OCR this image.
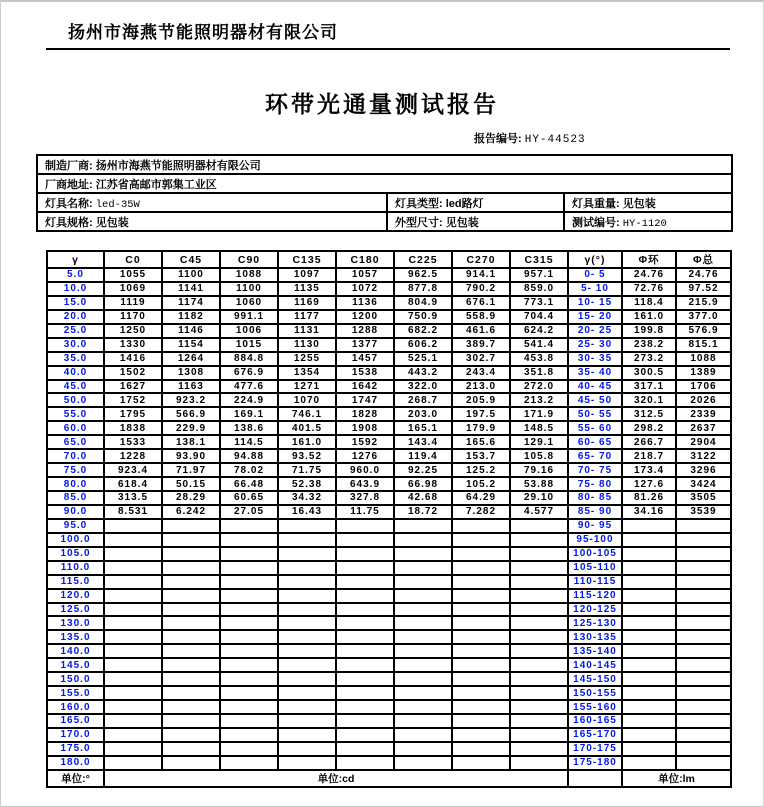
扬州市海燕节能照明器材有限公司
环带光通量测试报告
报告编号: HY-44523
制造厂商: 扬州市海燕节能照明器材有限公司		
厂商地址: 江苏省高邮市郭集工业区		
灯具名称: led-35W	灯具类型: led路灯	灯具重量: 见包装
灯具规格: 见包装	外型尺寸: 见包装	测试编号: HY-1120
γ	C0	C45	C90	C135	C180	C225	C270	C315	γ(°)	Φ环	Φ总
5.0	1055	1100	1088	1097	1057	962.5	914.1	957.1	0- 5	24.76	24.76
10.0	1069	1141	1100	1135	1072	877.8	790.2	859.0	5- 10	72.76	97.52
15.0	1119	1174	1060	1169	1136	804.9	676.1	773.1	10- 15	118.4	215.9
20.0	1170	1182	991.1	1177	1200	750.9	558.9	704.4	15- 20	161.0	377.0
25.0	1250	1146	1006	1131	1288	682.2	461.6	624.2	20- 25	199.8	576.9
30.0	1330	1154	1015	1130	1377	606.2	389.7	541.4	25- 30	238.2	815.1
35.0	1416	1264	884.8	1255	1457	525.1	302.7	453.8	30- 35	273.2	1088
40.0	1502	1308	676.9	1354	1538	443.2	243.4	351.8	35- 40	300.5	1389
45.0	1627	1163	477.6	1271	1642	322.0	213.0	272.0	40- 45	317.1	1706
50.0	1752	923.2	224.9	1070	1747	268.7	205.9	213.2	45- 50	320.1	2026
55.0	1795	566.9	169.1	746.1	1828	203.0	197.5	171.9	50- 55	312.5	2339
60.0	1838	229.9	138.6	401.5	1908	165.1	179.9	148.5	55- 60	298.2	2637
65.0	1533	138.1	114.5	161.0	1592	143.4	165.6	129.1	60- 65	266.7	2904
70.0	1228	93.90	94.88	93.52	1276	119.4	153.7	105.8	65- 70	218.7	3122
75.0	923.4	71.97	78.02	71.75	960.0	92.25	125.2	79.16	70- 75	173.4	3296
80.0	618.4	50.15	66.48	52.38	643.9	66.98	105.2	53.88	75- 80	127.6	3424
85.0	313.5	28.29	60.65	34.32	327.8	42.68	64.29	29.10	80- 85	81.26	3505
90.0	8.531	6.242	27.05	16.43	11.75	18.72	7.282	4.577	85- 90	34.16	3539
95.0									90- 95		
100.0									95-100		
105.0									100-105		
110.0									105-110		
115.0									110-115		
120.0									115-120		
125.0									120-125		
130.0									125-130		
135.0									130-135		
140.0									135-140		
145.0									140-145		
150.0									145-150		
155.0									150-155		
160.0									155-160		
165.0									160-165		
170.0									165-170		
175.0									170-175		
180.0									175-180		
单位:°	单位:cd									单位:lm	
